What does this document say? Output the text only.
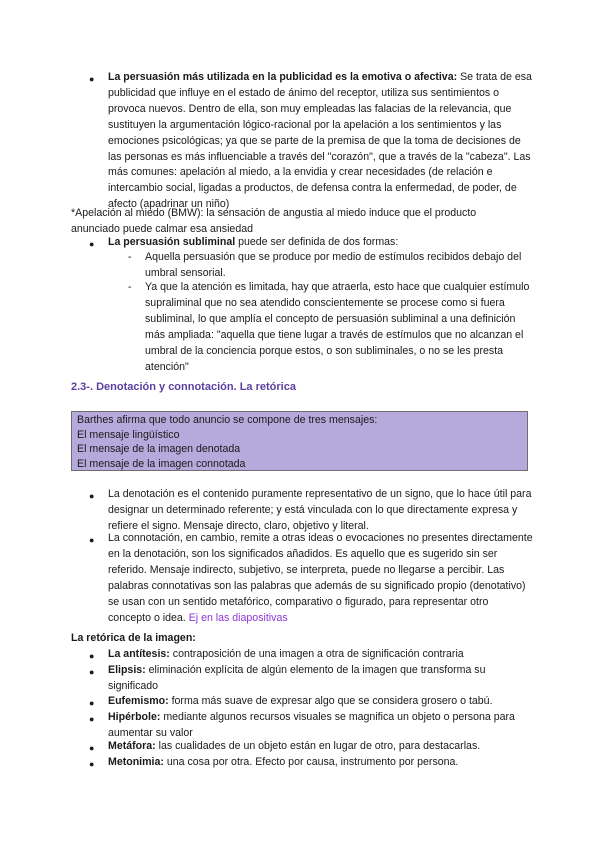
● La persuasión más utilizada en la publicidad es la emotiva o afectiva: Se trata de esa publicidad que influye en el estado de ánimo del receptor, utiliza sus sentimientos o provoca nuevos. Dentro de ella, son muy empleadas las falacias de la relevancia, que sustituyen la argumentación lógico-racional por la apelación a los sentimientos y las emociones psicológicas; ya que se parte de la premisa de que la toma de decisiones de las personas es más influenciable a través del "corazón", que a través de la "cabeza". Las más comunes: apelación al miedo, a la envidia y crear necesidades (de relación e intercambio social, ligadas a productos, de defensa contra la enfermedad, de poder, de afecto (apadrinar un niño)
*Apelación al miedo (BMW): la sensación de angustia al miedo induce que el producto anunciado puede calmar esa ansiedad
● La persuasión subliminal puede ser definida de dos formas:
- Aquella persuasión que se produce por medio de estímulos recibidos debajo del umbral sensorial.
- Ya que la atención es limitada, hay que atraerla, esto hace que cualquier estímulo supraliminal que no sea atendido conscientemente se procese como si fuera subliminal, lo que amplía el concepto de persuasión subliminal a una definición más ampliada: "aquella que tiene lugar a través de estímulos que no alcanzan el umbral de la conciencia porque estos, o son subliminales, o no se les presta atención"
2.3-. Denotación y connotación. La retórica
Barthes afirma que todo anuncio se compone de tres mensajes:
El mensaje lingüístico
El mensaje de la imagen denotada
El mensaje de la imagen connotada
● La denotación es el contenido puramente representativo de un signo, que lo hace útil para designar un determinado referente; y está vinculada con lo que directamente expresa y refiere el signo. Mensaje directo, claro, objetivo y literal.
● La connotación, en cambio, remite a otras ideas o evocaciones no presentes directamente en la denotación, son los significados añadidos. Es aquello que es sugerido sin ser referido. Mensaje indirecto, subjetivo, se interpreta, puede no llegarse a percibir. Las palabras connotativas son las palabras que además de su significado propio (denotativo) se usan con un sentido metafórico, comparativo o figurado, para representar otro concepto o idea. Ej en las diapositivas
La retórica de la imagen:
● La antítesis: contraposición de una imagen a otra de significación contraria
● Elipsis: eliminación explícita de algún elemento de la imagen que transforma su significado
● Eufemismo: forma más suave de expresar algo que se considera grosero o tabú.
● Hipérbole: mediante algunos recursos visuales se magnifica un objeto o persona para aumentar su valor
● Metáfora: las cualidades de un objeto están en lugar de otro, para destacarlas.
● Metonimia: una cosa por otra. Efecto por causa, instrumento por persona.
